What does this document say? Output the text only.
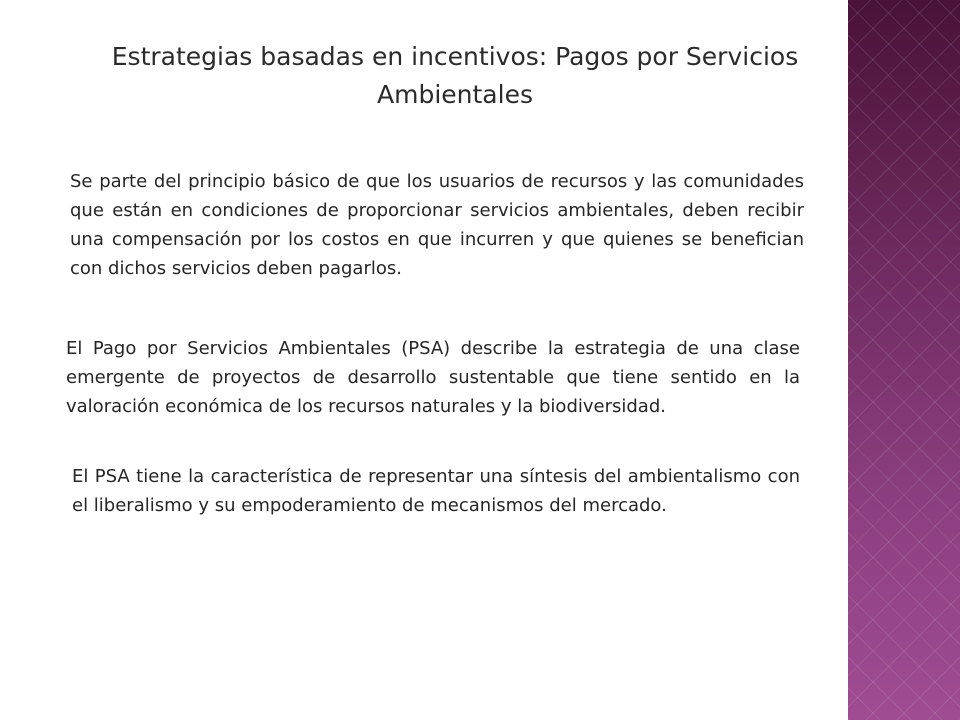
Estrategias basadas en incentivos: Pagos por Servicios Ambientales

Se parte del principio básico de que los usuarios de recursos y las comunidades que están en condiciones de proporcionar servicios ambientales, deben recibir una compensación por los costos en que incurren y que quienes se benefician con dichos servicios deben pagarlos.

El Pago por Servicios Ambientales (PSA) describe la estrategia de una clase emergente de proyectos de desarrollo sustentable que tiene sentido en la valoración económica de los recursos naturales y la biodiversidad.

El PSA tiene la característica de representar una síntesis del ambientalismo con el liberalismo y su empoderamiento de mecanismos del mercado.
